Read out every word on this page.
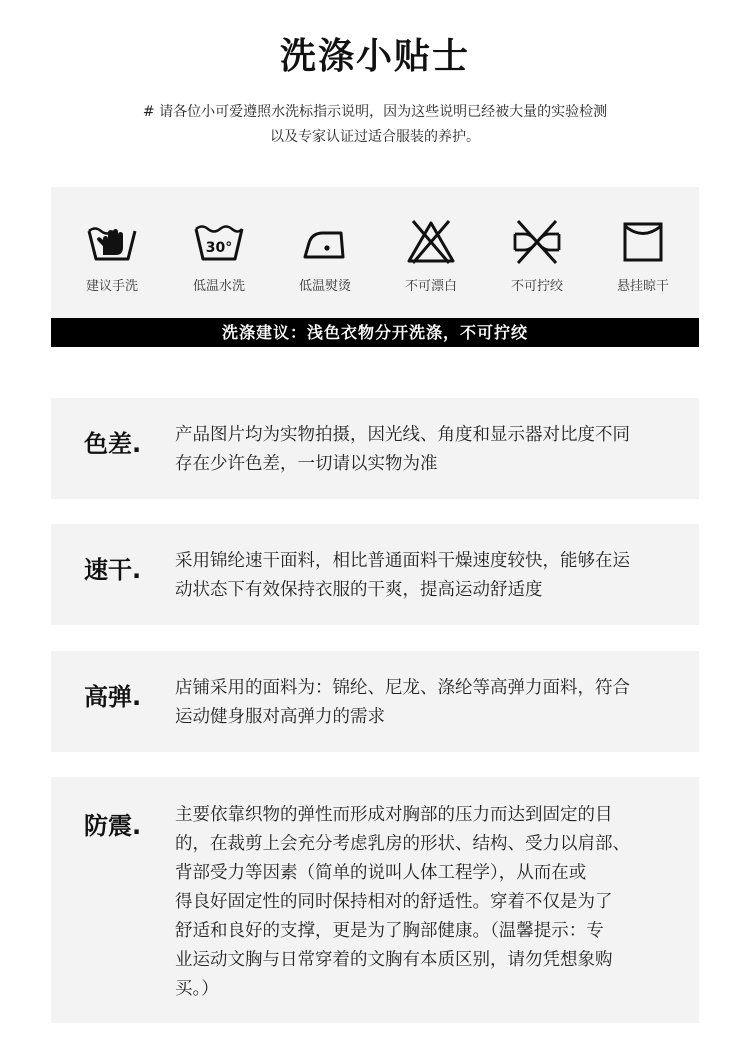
洗涤小贴士
# 请各位小可爱遵照水洗标指示说明，因为这些说明已经被大量的实验检测
以及专家认证过适合服装的养护。
建议手洗
30°
低温水洗	低温熨烫	不可漂白	不可拧绞	悬挂晾干
洗涤建议：浅色衣物分开洗涤，不可拧绞
色差. 产品图片均为实物拍摄，因光线、角度和显示器对比度不同
存在少许色差，一切请以实物为准
速干. 采用锦纶速干面料，相比普通面料干燥速度较快，能够在运
动状态下有效保持衣服的干爽，提高运动舒适度
高弹. 店铺采用的面料为：锦纶、尼龙、涤纶等高弹力面料，符合
运动健身服对高弹力的需求
防震. 主要依靠织物的弹性而形成对胸部的压力而达到固定的目
的，在裁剪上会充分考虑乳房的形状、结构、受力以肩部、
背部受力等因素（简单的说叫人体工程学），从而在或
得良好固定性的同时保持相对的舒适性。穿着不仅是为了
舒适和良好的支撑，更是为了胸部健康。（温馨提示：专
业运动文胸与日常穿着的文胸有本质区别，请勿凭想象购
买。）
